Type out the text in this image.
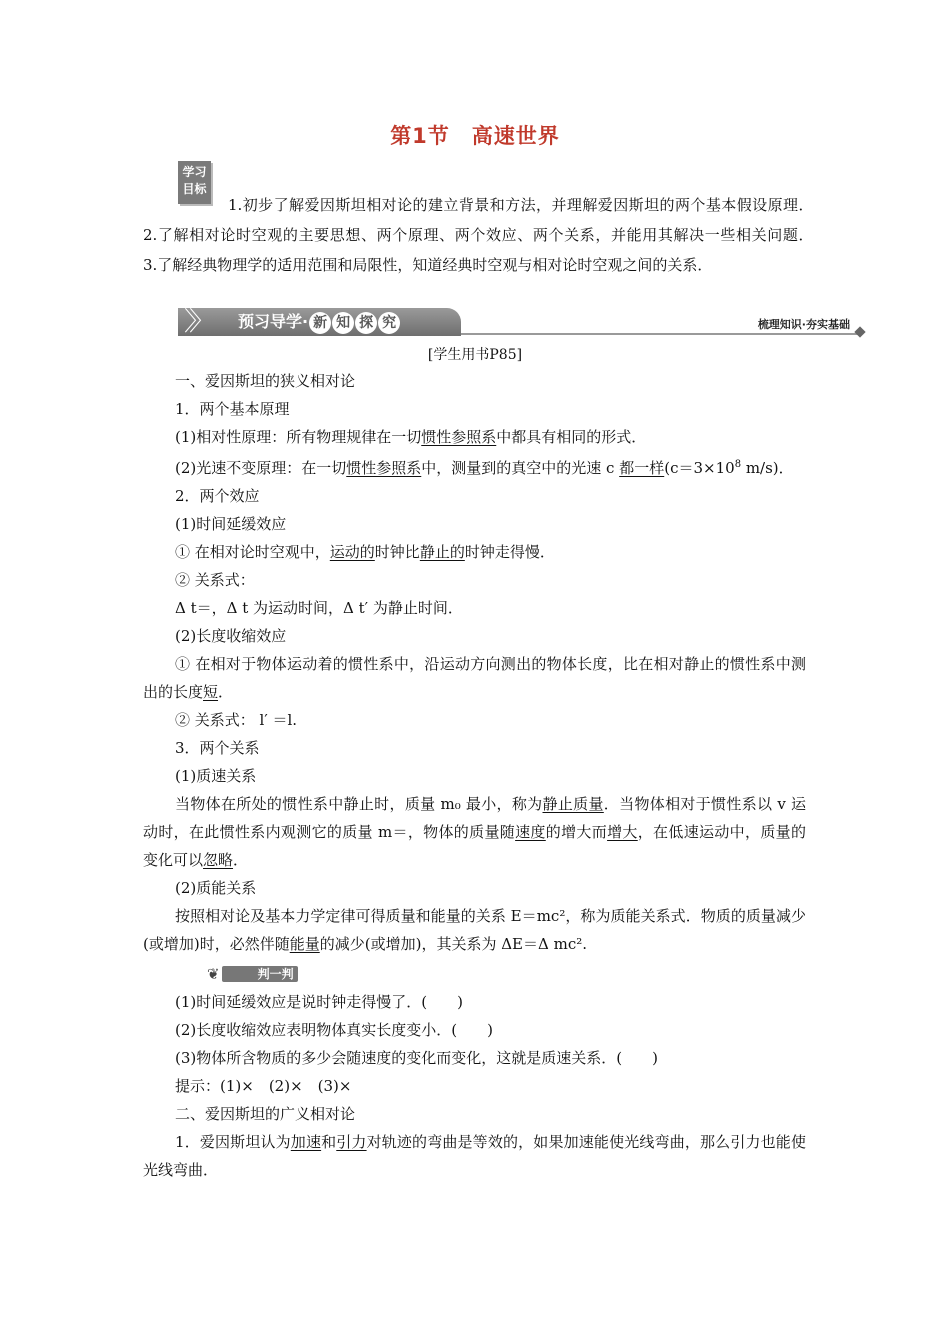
第1节　高速世界
学习
目标
1.初步了解爱因斯坦相对论的建立背景和方法，并理解爱因斯坦的两个基本假设原理．　2.了解相对论时空观的主要思想、两个原理、两个效应、两个关系，并能用其解决一些相关问题．　3.了解经典物理学的适用范围和局限性，知道经典时空观与相对论时空观之间的关系．
〉〉 预习导学· 新 知 探 究	梳理知识·夯实基础
[学生用书P85]

一、爱因斯坦的狭义相对论

1．两个基本原理

(1)相对性原理：所有物理规律在一切惯性参照系中都具有相同的形式．

(2)光速不变原理：在一切惯性参照系中，测量到的真空中的光速 c 都一样($c=3\times 10^8$ m/s)．

2．两个效应

(1)时间延缓效应

① 在相对论时空观中，运动的时钟比静止的时钟走得慢．

② 关系式：

Δ t＝，Δ t 为运动时间，Δ t′ 为静止时间．

(2)长度收缩效应

① 在相对于物体运动着的惯性系中，沿运动方向测出的物体长度，比在相对静止的惯性系中测出的长度短．

② 关系式： l′ ＝l.

3．两个关系

(1)质速关系

当物体在所处的惯性系中静止时，质量 m₀ 最小，称为静止质量．当物体相对于惯性系以 v 运动时，在此惯性系内观测它的质量 m＝，物体的质量随速度的增大而增大，在低速运动中，质量的变化可以忽略．

(2)质能关系

按照相对论及基本力学定律可得质量和能量的关系 E＝mc²，称为质能关系式．物质的质量减少(或增加)时，必然伴随能量的减少(或增加)，其关系为 ΔE＝Δ mc².

❦	判一判

(1)时间延缓效应是说时钟走得慢了．(　　)

(2)长度收缩效应表明物体真实长度变小．(　　)

(3)物体所含物质的多少会随速度的变化而变化，这就是质速关系．(　　)

提示：(1)×　(2)×　(3)×

二、爱因斯坦的广义相对论

1．爱因斯坦认为加速和引力对轨迹的弯曲是等效的，如果加速能使光线弯曲，那么引力也能使光线弯曲．
